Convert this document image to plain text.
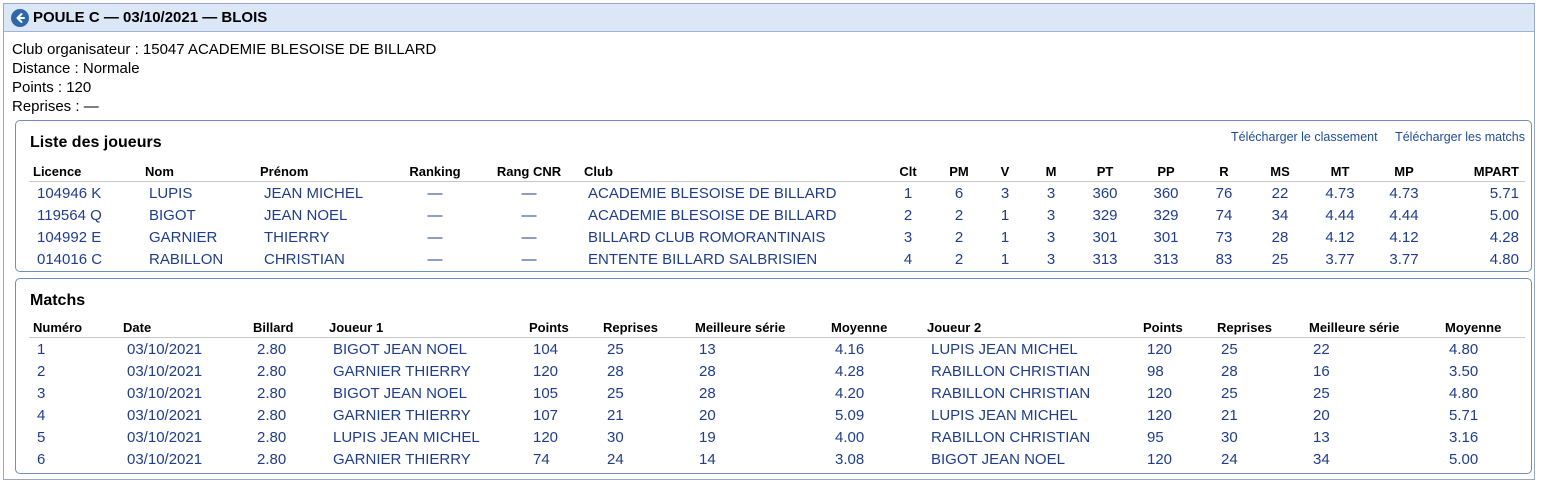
POULE C — 03/10/2021 — BLOIS
Club organisateur : 15047 ACADEMIE BLESOISE DE BILLARD
Distance : Normale
Points : 120
Reprises : —
Liste des joueurs	Télécharger le classement Télécharger les matchs
Licence	Nom	Prénom	Ranking	Rang CNR	Club	Clt	PM	V	M	PT	PP	R	MS	MT	MP	MPART
104946 K	LUPIS	JEAN MICHEL	—	—	ACADEMIE BLESOISE DE BILLARD	1	6	3	3	360	360	76	22	4.73	4.73	5.71
119564 Q	BIGOT	JEAN NOEL	—	—	ACADEMIE BLESOISE DE BILLARD	2	2	1	3	329	329	74	34	4.44	4.44	5.00
104992 E	GARNIER	THIERRY	—	—	BILLARD CLUB ROMORANTINAIS	3	2	1	3	301	301	73	28	4.12	4.12	4.28
014016 C	RABILLON	CHRISTIAN	—	—	ENTENTE BILLARD SALBRISIEN	4	2	1	3	313	313	83	25	3.77	3.77	4.80
Matchs
Numéro	Date	Billard	Joueur 1	Points	Reprises	Meilleure série	Moyenne	Joueur 2	Points	Reprises	Meilleure série	Moyenne
1	03/10/2021	2.80	BIGOT JEAN NOEL	104	25	13	4.16	LUPIS JEAN MICHEL	120	25	22	4.80
2	03/10/2021	2.80	GARNIER THIERRY	120	28	28	4.28	RABILLON CHRISTIAN	98	28	16	3.50
3	03/10/2021	2.80	BIGOT JEAN NOEL	105	25	28	4.20	RABILLON CHRISTIAN	120	25	25	4.80
4	03/10/2021	2.80	GARNIER THIERRY	107	21	20	5.09	LUPIS JEAN MICHEL	120	21	20	5.71
5	03/10/2021	2.80	LUPIS JEAN MICHEL	120	30	19	4.00	RABILLON CHRISTIAN	95	30	13	3.16
6	03/10/2021	2.80	GARNIER THIERRY	74	24	14	3.08	BIGOT JEAN NOEL	120	24	34	5.00
